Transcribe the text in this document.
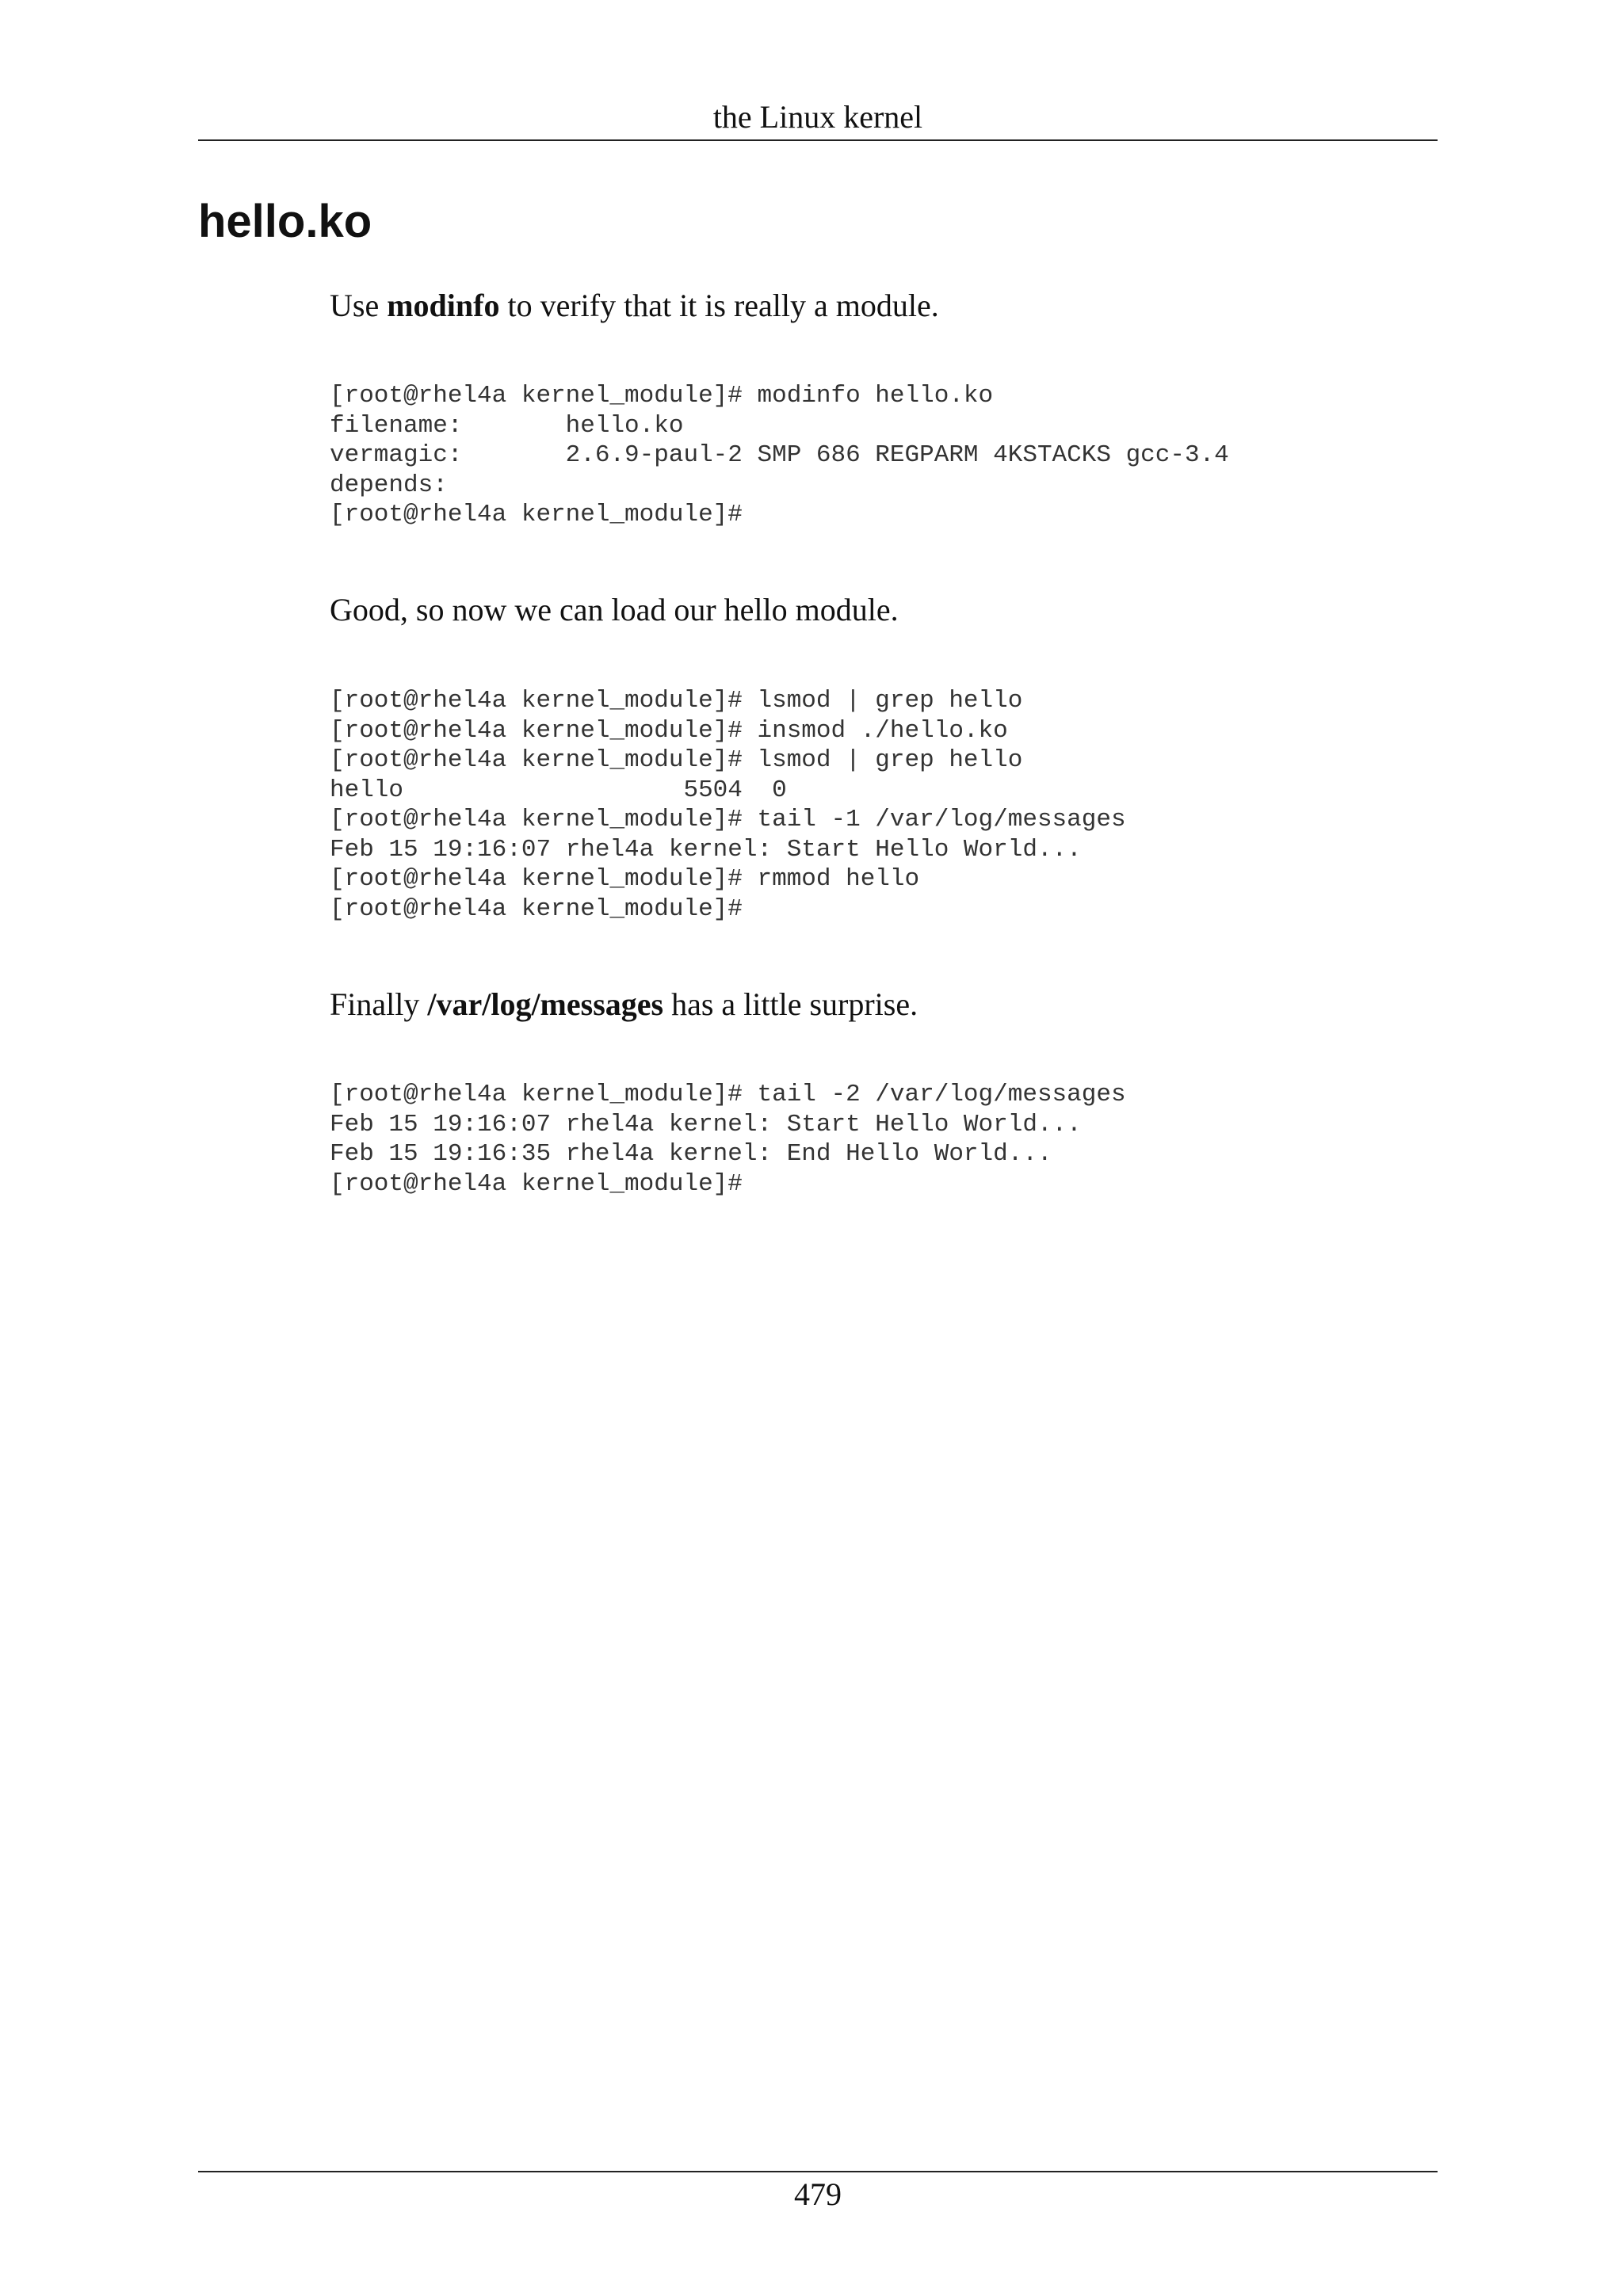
the Linux kernel
hello.ko

Use modinfo to verify that it is really a module.

[root@rhel4a kernel_module]# modinfo hello.ko
filename:       hello.ko
vermagic:       2.6.9-paul-2 SMP 686 REGPARM 4KSTACKS gcc-3.4
depends:
[root@rhel4a kernel_module]#

Good, so now we can load our hello module.

[root@rhel4a kernel_module]# lsmod | grep hello
[root@rhel4a kernel_module]# insmod ./hello.ko
[root@rhel4a kernel_module]# lsmod | grep hello
hello                   5504  0
[root@rhel4a kernel_module]# tail -1 /var/log/messages
Feb 15 19:16:07 rhel4a kernel: Start Hello World...
[root@rhel4a kernel_module]# rmmod hello
[root@rhel4a kernel_module]#

Finally /var/log/messages has a little surprise.

[root@rhel4a kernel_module]# tail -2 /var/log/messages
Feb 15 19:16:07 rhel4a kernel: Start Hello World...
Feb 15 19:16:35 rhel4a kernel: End Hello World...
[root@rhel4a kernel_module]#
479
